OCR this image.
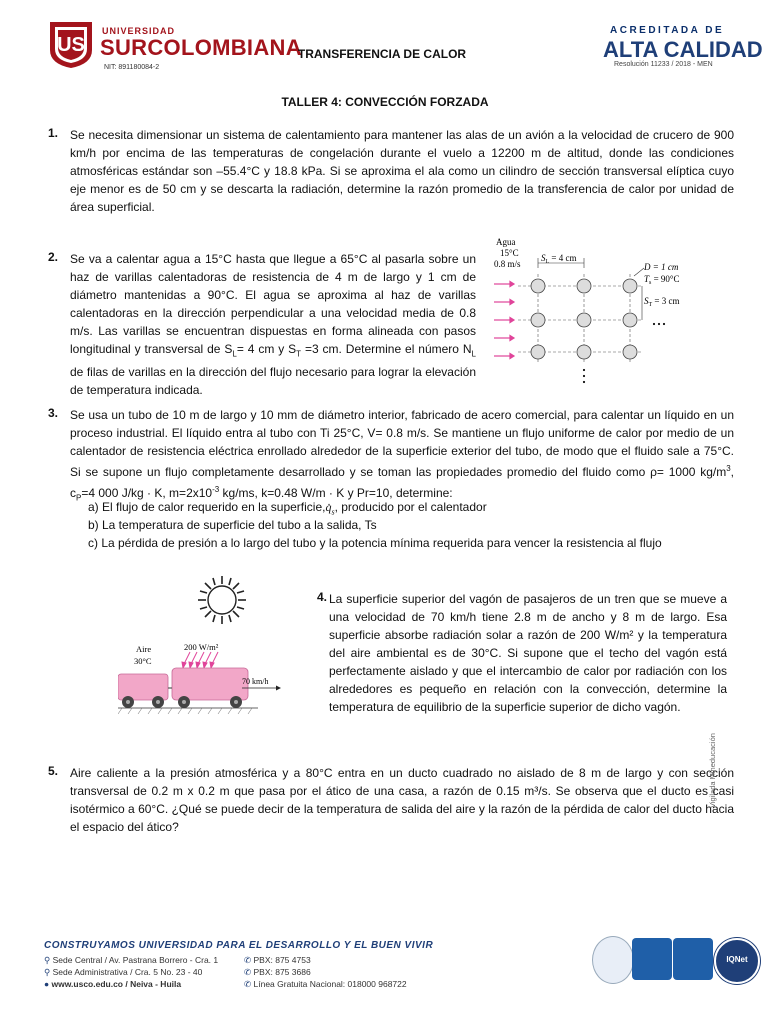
US
UNIVERSIDAD
SURCOLOMBIANA
NIT: 891180084-2
TRANSFERENCIA DE CALOR
ACREDITADA DE
ALTA CALIDAD
Resolución 11233 / 2018 - MEN
TALLER 4: CONVECCIÓN FORZADA
1. Se necesita dimensionar un sistema de calentamiento para mantener las alas de un avión a la velocidad de crucero de 900 km/h por encima de las temperaturas de congelación durante el vuelo a 12200 m de altitud, donde las condiciones atmosféricas estándar son –55.4°C y 18.8 kPa. Si se aproxima el ala como un cilindro de sección transversal elíptica cuyo eje menor es de 50 cm y se descarta la radiación, determine la razón promedio de la transferencia de calor por unidad de área superficial.
2. Se va a calentar agua a 15°C hasta que llegue a 65°C al pasarla sobre un haz de varillas calentadoras de resistencia de 4 m de largo y 1 cm de diámetro mantenidas a 90°C. El agua se aproxima al haz de varillas calentadoras en la dirección perpendicular a una velocidad media de 0.8 m/s. Las varillas se encuentran dispuestas en forma alineada con pasos longitudinal y transversal de $S_L= 4$ cm y $S_T =3$ cm. Determine el número $N_L$ de filas de varillas en la dirección del flujo necesario para lograr la elevación de temperatura indicada.
Agua
15°C
0.8 m/s
$S_L = 4$ cm
D = 1 cm
$T_s = 90^\circ C$
$S_T = 3$ cm
3. Se usa un tubo de 10 m de largo y 10 mm de diámetro interior, fabricado de acero comercial, para calentar un líquido en un proceso industrial. El líquido entra al tubo con Ti 25°C, V= 0.8 m/s. Se mantiene un flujo uniforme de calor por medio de un calentador de resistencia eléctrica enrollado alrededor de la superficie exterior del tubo, de modo que el fluido sale a 75°C. Si se supone un flujo completamente desarrollado y se toman las propiedades promedio del fluido como ρ= 1000 $kg/m^3$, $c_P=4$ 000 J/kg · K, $m=2x10^{-3}$ kg/ms, k=0.48 W/m · K y Pr=10, determine:
a) El flujo de calor requerido en la $superficie,q̇_s$, producido por el calentador
b) La temperatura de superficie del tubo a la salida, Ts
c) La pérdida de presión a lo largo del tubo y la potencia mínima requerida para vencer la resistencia al flujo
200 W/m²
Aire
30°C
70 km/h
4. La superficie superior del vagón de pasajeros de un tren que se mueve a una velocidad de 70 km/h tiene 2.8 m de ancho y 8 m de largo. Esa superficie absorbe radiación solar a razón de 200 W/m² y la temperatura del aire ambiental es de 30°C. Si supone que el techo del vagón está perfectamente aislado y que el intercambio de calor por radiación con los alrededores es pequeño en relación con la convección, determine la temperatura de equilibrio de la superficie superior de dicho vagón.
5. Aire caliente a la presión atmosférica y a 80°C entra en un ducto cuadrado no aislado de 8 m de largo y con sección transversal de 0.2 m x 0.2 m que pasa por el ático de una casa, a razón de 0.15 m³/s. Se observa que el ducto es casi isotérmico a 60°C. ¿Qué se puede decir de la temperatura de salida del aire y la razón de la pérdida de calor del ducto hacia el espacio del ático?
Vigilada Mineducación
CONSTRUYAMOS UNIVERSIDAD PARA EL DESARROLLO Y EL BUEN VIVIR
⚲ Sede Central / Av. Pastrana Borrero - Cra. 1	✆ PBX: 875 4753
⚲ Sede Administrativa / Cra. 5 No. 23 - 40	✆ PBX: 875 3686
● www.usco.edu.co / Neiva - Huila	✆ Línea Gratuita Nacional: 018000 968722
IQNet
